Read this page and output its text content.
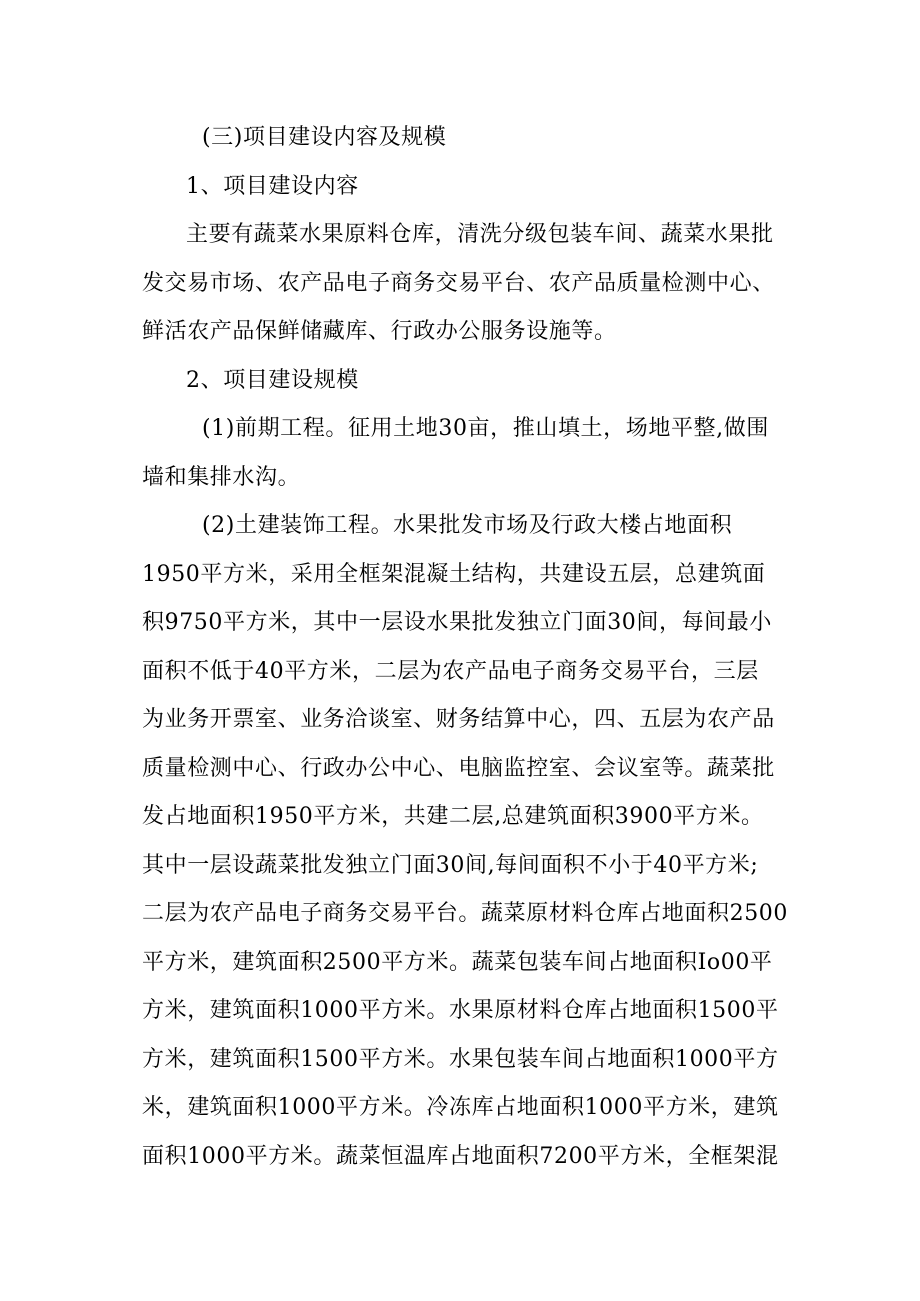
(三)项目建设内容及规模
1、项目建设内容
主要有蔬菜水果原料仓库，清洗分级包装车间、蔬菜水果批
发交易市场、农产品电子商务交易平台、农产品质量检测中心、
鲜活农产品保鲜储藏库、行政办公服务设施等。
2、项目建设规模
(1)前期工程。征用土地30亩，推山填土，场地平整,做围
墙和集排水沟。
(2)土建装饰工程。水果批发市场及行政大楼占地面积
1950平方米，采用全框架混凝土结构，共建设五层，总建筑面
积9750平方米，其中一层设水果批发独立门面30间，每间最小
面积不低于40平方米，二层为农产品电子商务交易平台，三层
为业务开票室、业务洽谈室、财务结算中心，四、五层为农产品
质量检测中心、行政办公中心、电脑监控室、会议室等。蔬菜批
发占地面积1950平方米，共建二层,总建筑面积3900平方米。
其中一层设蔬菜批发独立门面30间,每间面积不小于40平方米;
二层为农产品电子商务交易平台。蔬菜原材料仓库占地面积2500
平方米，建筑面积2500平方米。蔬菜包装车间占地面积Io00平
方米，建筑面积1000平方米。水果原材料仓库占地面积1500平
方米，建筑面积1500平方米。水果包装车间占地面积1000平方
米，建筑面积1000平方米。冷冻库占地面积1000平方米，建筑
面积1000平方米。蔬菜恒温库占地面积7200平方米，全框架混
